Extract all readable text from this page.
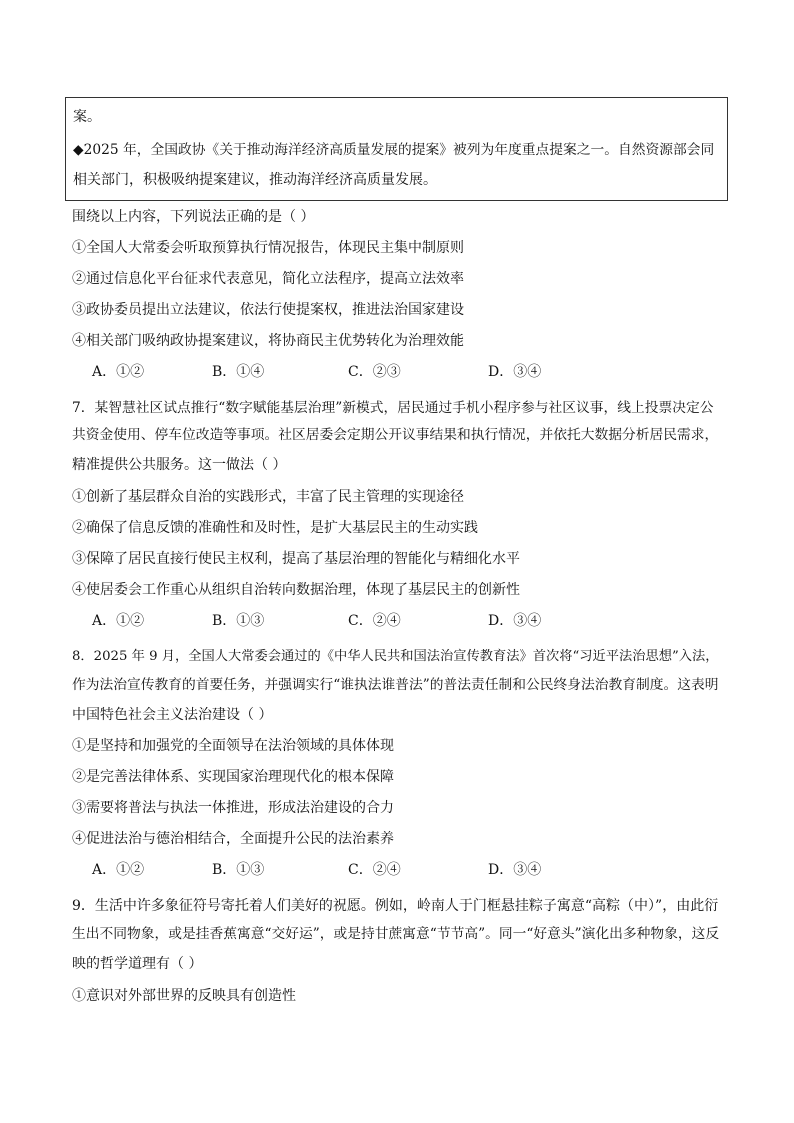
案。
◆2025 年，全国政协《关于推动海洋经济高质量发展的提案》被列为年度重点提案之一。自然资源部会同
相关部门，积极吸纳提案建议，推动海洋经济高质量发展。
围绕以上内容，下列说法正确的是（ ）
①全国人大常委会听取预算执行情况报告，体现民主集中制原则
②通过信息化平台征求代表意见，简化立法程序，提高立法效率
③政协委员提出立法建议，依法行使提案权，推进法治国家建设
④相关部门吸纳政协提案建议，将协商民主优势转化为治理效能
A．①②	B．①④	C．②③	D．③④
7．某智慧社区试点推行“数字赋能基层治理”新模式，居民通过手机小程序参与社区议事，线上投票决定公
共资金使用、停车位改造等事项。社区居委会定期公开议事结果和执行情况，并依托大数据分析居民需求，
精准提供公共服务。这一做法（ ）
①创新了基层群众自治的实践形式，丰富了民主管理的实现途径
②确保了信息反馈的准确性和及时性，是扩大基层民主的生动实践
③保障了居民直接行使民主权利，提高了基层治理的智能化与精细化水平
④使居委会工作重心从组织自治转向数据治理，体现了基层民主的创新性
A．①②	B．①③	C．②④	D．③④
8．2025 年 9 月，全国人大常委会通过的《中华人民共和国法治宣传教育法》首次将“习近平法治思想”入法，
作为法治宣传教育的首要任务，并强调实行“谁执法谁普法”的普法责任制和公民终身法治教育制度。这表明
中国特色社会主义法治建设（ ）
①是坚持和加强党的全面领导在法治领域的具体体现
②是完善法律体系、实现国家治理现代化的根本保障
③需要将普法与执法一体推进，形成法治建设的合力
④促进法治与德治相结合，全面提升公民的法治素养
A．①②	B．①③	C．②④	D．③④
9．生活中许多象征符号寄托着人们美好的祝愿。例如，岭南人于门框悬挂粽子寓意“高粽（中）”，由此衍
生出不同物象，或是挂香蕉寓意“交好运”，或是持甘蔗寓意“节节高”。同一“好意头”演化出多种物象，这反
映的哲学道理有（ ）
①意识对外部世界的反映具有创造性
